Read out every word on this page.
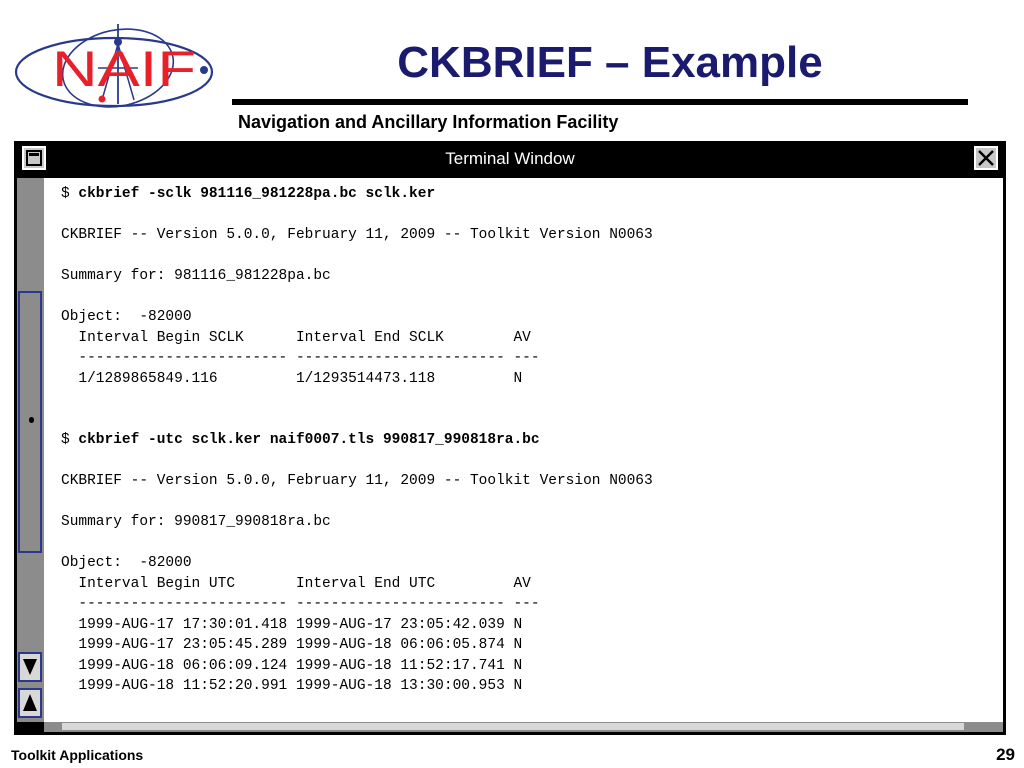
NAIF	CKBRIEF – Example
Navigation and Ancillary Information Facility
Terminal Window
$ ckbrief -sclk 981116_981228pa.bc sclk.ker
CKBRIEF -- Version 5.0.0, February 11, 2009 -- Toolkit Version N0063
Summary for: 981116_981228pa.bc
Object:  -82000
Interval Begin SCLK      Interval End SCLK        AV
------------------------ ------------------------ ---
1/1289865849.116         1/1293514473.118         N
$ ckbrief -utc sclk.ker naif0007.tls 990817_990818ra.bc
CKBRIEF -- Version 5.0.0, February 11, 2009 -- Toolkit Version N0063
Summary for: 990817_990818ra.bc
Object:  -82000
Interval Begin UTC       Interval End UTC         AV
------------------------ ------------------------ ---
1999-AUG-17 17:30:01.418 1999-AUG-17 23:05:42.039 N
1999-AUG-17 23:05:45.289 1999-AUG-18 06:06:05.874 N
1999-AUG-18 06:06:09.124 1999-AUG-18 11:52:17.741 N
1999-AUG-18 11:52:20.991 1999-AUG-18 13:30:00.953 N
Toolkit Applications	29
